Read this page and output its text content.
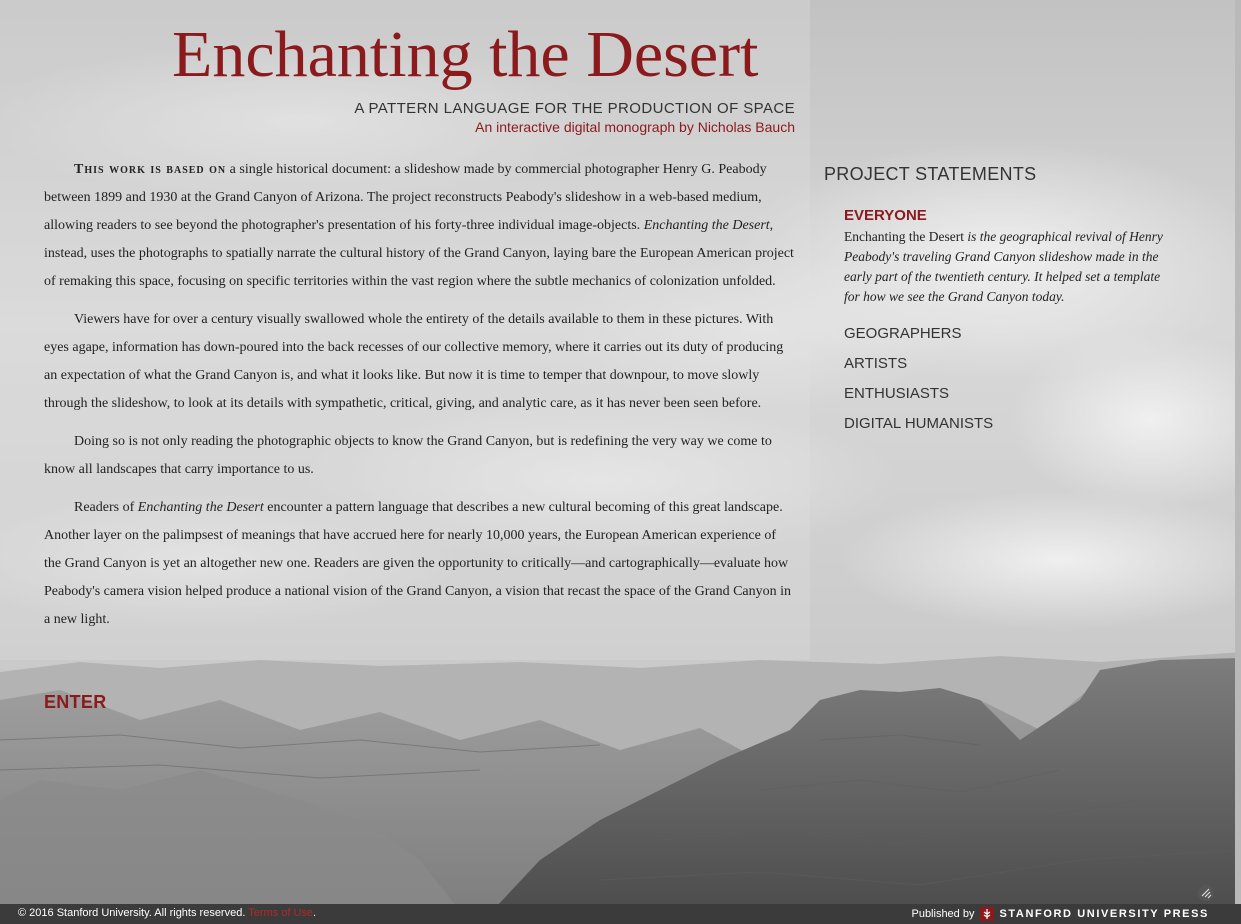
Enchanting the Desert
A PATTERN LANGUAGE FOR THE PRODUCTION OF SPACE
An interactive digital monograph by Nicholas Bauch

This work is based on a single historical document: a slideshow made by commercial photographer Henry G. Peabody between 1899 and 1930 at the Grand Canyon of Arizona. The project reconstructs Peabody's slideshow in a web-based medium, allowing readers to see beyond the photographer's presentation of his forty-three individual image-objects. Enchanting the Desert, instead, uses the photographs to spatially narrate the cultural history of the Grand Canyon, laying bare the European American project of remaking this space, focusing on specific territories within the vast region where the subtle mechanics of colonization unfolded.

Viewers have for over a century visually swallowed whole the entirety of the details available to them in these pictures. With eyes agape, information has down-poured into the back recesses of our collective memory, where it carries out its duty of producing an expectation of what the Grand Canyon is, and what it looks like. But now it is time to temper that downpour, to move slowly through the slideshow, to look at its details with sympathetic, critical, giving, and analytic care, as it has never been seen before.

Doing so is not only reading the photographic objects to know the Grand Canyon, but is redefining the very way we come to know all landscapes that carry importance to us.

Readers of Enchanting the Desert encounter a pattern language that describes a new cultural becoming of this great landscape. Another layer on the palimpsest of meanings that have accrued here for nearly 10,000 years, the European American experience of the Grand Canyon is yet an altogether new one. Readers are given the opportunity to critically—and cartographically—evaluate how Peabody's camera vision helped produce a national vision of the Grand Canyon, a vision that recast the space of the Grand Canyon in a new light.

ENTER
PROJECT STATEMENTS
EVERYONE
Enchanting the Desert is the geographical revival of Henry Peabody's traveling Grand Canyon slideshow made in the early part of the twentieth century. It helped set a template for how we see the Grand Canyon today.
GEOGRAPHERS
ARTISTS
ENTHUSIASTS
DIGITAL HUMANISTS
© 2016 Stanford University. All rights reserved. Terms of Use.	Published by STANFORD UNIVERSITY PRESS
